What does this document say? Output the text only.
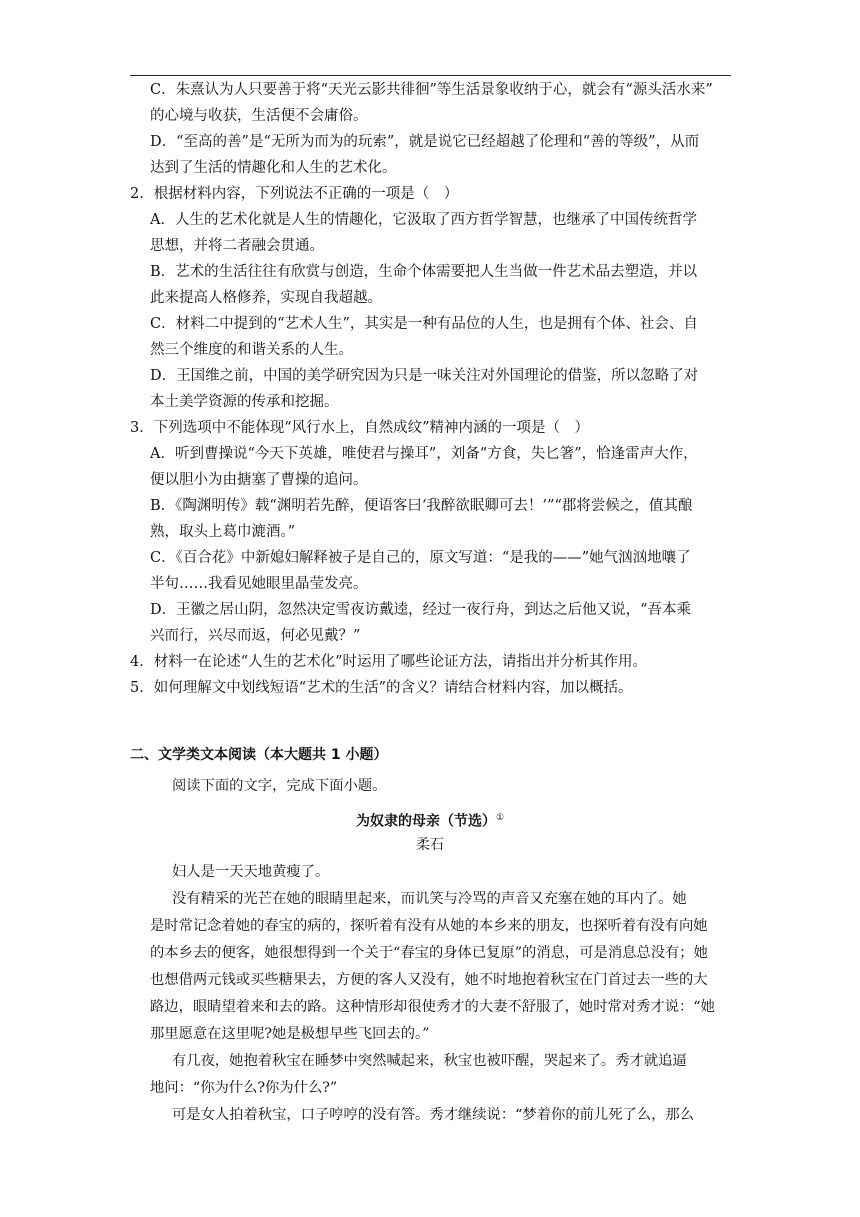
C．朱熹认为人只要善于将“天光云影共徘徊”等生活景象收纳于心，就会有“源头活水来”
的心境与收获，生活便不会庸俗。
D．“至高的善”是“无所为而为的玩索”，就是说它已经超越了伦理和“善的等级”，从而
达到了生活的情趣化和人生的艺术化。
2．根据材料内容，下列说法不正确的一项是（　）
A．人生的艺术化就是人生的情趣化，它汲取了西方哲学智慧，也继承了中国传统哲学
思想，并将二者融会贯通。
B．艺术的生活往往有欣赏与创造，生命个体需要把人生当做一件艺术品去塑造，并以
此来提高人格修养，实现自我超越。
C．材料二中提到的“艺术人生”，其实是一种有品位的人生，也是拥有个体、社会、自
然三个维度的和谐关系的人生。
D．王国维之前，中国的美学研究因为只是一味关注对外国理论的借鉴，所以忽略了对
本土美学资源的传承和挖掘。
3．下列选项中不能体现“风行水上，自然成纹”精神内涵的一项是（　）
A．听到曹操说“今天下英雄，唯使君与操耳”，刘备“方食，失匕箸”，恰逢雷声大作，
便以胆小为由搪塞了曹操的追问。
B．《陶渊明传》载“渊明若先醉，便语客曰‘我醉欲眠卿可去！’”“郡将尝候之，值其酿
熟，取头上葛巾漉酒。”
C．《百合花》中新媳妇解释被子是自己的，原文写道：“是我的——”她气汹汹地嚷了
半句……我看见她眼里晶莹发亮。
D．王徽之居山阴，忽然决定雪夜访戴逵，经过一夜行舟，到达之后他又说，“吾本乘
兴而行，兴尽而返，何必见戴？”
4．材料一在论述“人生的艺术化”时运用了哪些论证方法，请指出并分析其作用。
5．如何理解文中划线短语“艺术的生活”的含义？请结合材料内容，加以概括。
二、文学类文本阅读（本大题共 1 小题）
阅读下面的文字，完成下面小题。
妇人是一天天地黄瘦了。
没有精采的光芒在她的眼睛里起来，而讥笑与冷骂的声音又充塞在她的耳内了。她
是时常记念着她的春宝的病的，探听着有没有从她的本乡来的朋友，也探听着有没有向她
的本乡去的便客，她很想得到一个关于“春宝的身体已复原”的消息，可是消息总没有；她
也想借两元钱或买些糖果去，方便的客人又没有，她不时地抱着秋宝在门首过去一些的大
路边，眼睛望着来和去的路。这种情形却很使秀才的大妻不舒服了，她时常对秀才说：“她
那里愿意在这里呢?她是极想早些飞回去的。”
有几夜，她抱着秋宝在睡梦中突然喊起来，秋宝也被吓醒，哭起来了。秀才就追逼
地问：“你为什么?你为什么?”
可是女人拍着秋宝，口子哼哼的没有答。秀才继续说：“梦着你的前儿死了么，那么
为奴隶的母亲（节选）①
柔石
